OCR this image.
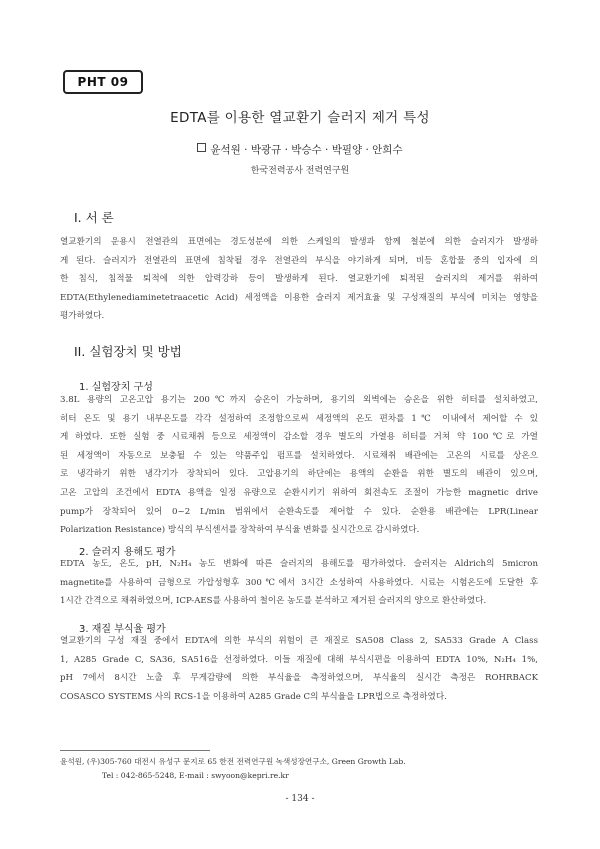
PHT 09
EDTA를 이용한 열교환기 슬러지 제거 특성
윤석원 · 박광규 · 박승수 · 박필양 · 안희수
한국전력공사 전력연구원
I. 서 론
열교환기의 운용시 전열관의 표면에는 경도성분에 의한 스케일의 발생과 함께 철분에 의한 슬러지가 발생하
게 된다. 슬러지가 전열관의 표면에 침착될 경우 전열관의 부식을 야기하게 되며, 비등 혼합물 중의 입자에 의
한 침식, 침적물 퇴적에 의한 압력강하 등이 발생하게 된다. 열교환기에 퇴적된 슬러지의 제거를 위하여
EDTA(Ethylenediaminetetraacetic Acid) 세정액을 이용한 슬러지 제거효율 및 구성재질의 부식에 미치는 영향을
평가하였다.
II. 실험장치 및 방법
1. 실험장치 구성
3.8L 용량의 고온고압 용기는 200℃까지 승온이 가능하며, 용기의 외벽에는 승온을 위한 히터를 설치하였고,
히터 온도 및 용기 내부온도를 각각 설정하여 조정함으로써 세정액의 온도 편차를 1℃ 이내에서 제어할 수 있
게 하였다. 또한 실험 중 시료채취 등으로 세정액이 감소할 경우 별도의 가열용 히터를 거쳐 약 100℃로 가열
된 세정액이 자동으로 보충될 수 있는 약품주입 펌프를 설치하였다. 시료채취 배관에는 고온의 시료를 상온으
로 냉각하기 위한 냉각기가 장착되어 있다. 고압용기의 하단에는 용액의 순환을 위한 별도의 배관이 있으며,
고온 고압의 조건에서 EDTA 용액을 일정 유량으로 순환시키기 위하여 회전속도 조절이 가능한 magnetic drive
pump가 장착되어 있어 0~2 L/min 범위에서 순환속도를 제어할 수 있다. 순환용 배관에는 LPR(Linear
Polarization Resistance) 방식의 부식센서를 장착하여 부식율 변화를 실시간으로 감시하였다.
2. 슬러지 용해도 평가
EDTA 농도, 온도, pH, N₂H₄ 농도 변화에 따른 슬러지의 용해도를 평가하였다. 슬러지는 Aldrich의 5micron
magnetite를 사용하여 금형으로 가압성형후 300℃에서 3시간 소성하여 사용하였다. 시료는 시험온도에 도달한 후
1시간 간격으로 채취하였으며, ICP-AES를 사용하여 철이온 농도를 분석하고 제거된 슬러지의 양으로 환산하였다.
3. 재질 부식율 평가
열교환기의 구성 재질 중에서 EDTA에 의한 부식의 위험이 큰 재질로 SA508 Class 2, SA533 Grade A Class
1, A285 Grade C, SA36, SA516을 선정하였다. 이들 재질에 대해 부식시편을 이용하여 EDTA 10%, N₂H₄ 1%,
pH 7에서 8시간 노출 후 무게감량에 의한 부식율을 측정하였으며, 부식율의 실시간 측정은 ROHRBACK
COSASCO SYSTEMS 사의 RCS-1을 이용하여 A285 Grade C의 부식율을 LPR법으로 측정하였다.
윤석원, (우)305-760 대전시 유성구 문지로 65 한전 전력연구원 녹색성장연구소, Green Growth Lab.
Tel : 042-865-5248, E-mail : swyoon@kepri.re.kr
- 134 -
